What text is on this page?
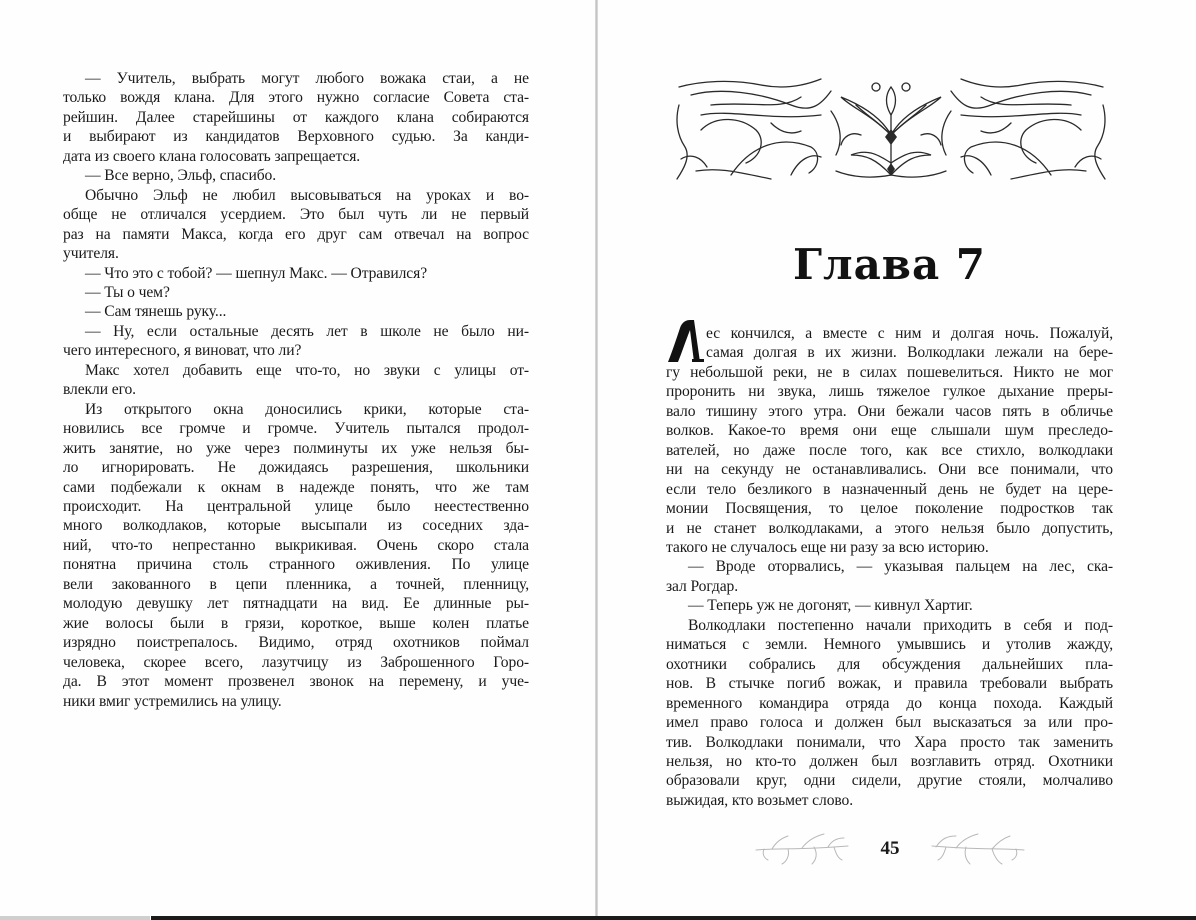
— Учитель, выбрать могут любого вожака стаи, а не
только вождя клана. Для этого нужно согласие Совета ста-
рейшин. Далее старейшины от каждого клана собираются
и выбирают из кандидатов Верховного судью. За канди-
дата из своего клана голосовать запрещается.
— Все верно, Эльф, спасибо.
Обычно Эльф не любил высовываться на уроках и во-
обще не отличался усердием. Это был чуть ли не первый
раз на памяти Макса, когда его друг сам отвечал на вопрос
учителя.
— Что это с тобой? — шепнул Макс. — Отравился?
— Ты о чем?
— Сам тянешь руку...
— Ну, если остальные десять лет в школе не было ни-
чего интересного, я виноват, что ли?
Макс хотел добавить еще что-то, но звуки с улицы от-
влекли его.
Из открытого окна доносились крики, которые ста-
новились все громче и громче. Учитель пытался продол-
жить занятие, но уже через полминуты их уже нельзя бы-
ло игнорировать. Не дожидаясь разрешения, школьники
сами подбежали к окнам в надежде понять, что же там
происходит. На центральной улице было неестественно
много волкодлаков, которые высыпали из соседних зда-
ний, что-то непрестанно выкрикивая. Очень скоро стала
понятна причина столь странного оживления. По улице
вели закованного в цепи пленника, а точней, пленницу,
молодую девушку лет пятнадцати на вид. Ее длинные ры-
жие волосы были в грязи, короткое, выше колен платье
изрядно поистрепалось. Видимо, отряд охотников поймал
человека, скорее всего, лазутчицу из Заброшенного Горо-
да. В этот момент прозвенел звонок на перемену, и уче-
ники вмиг устремились на улицу.
Глава 7
ес кончился, а вместе с ним и долгая ночь. Пожалуй,
самая долгая в их жизни. Волкодлаки лежали на бере-
гу небольшой реки, не в силах пошевелиться. Никто не мог
проронить ни звука, лишь тяжелое гулкое дыхание преры-
вало тишину этого утра. Они бежали часов пять в обличье
волков. Какое-то время они еще слышали шум преследо-
вателей, но даже после того, как все стихло, волкодлаки
ни на секунду не останавливались. Они все понимали, что
если тело безликого в назначенный день не будет на цере-
монии Посвящения, то целое поколение подростков так
и не станет волкодлаками, а этого нельзя было допустить,
такого не случалось еще ни разу за всю историю.
— Вроде оторвались, — указывая пальцем на лес, ска-
зал Рогдар.
— Теперь уж не догонят, — кивнул Хартиг.
Волкодлаки постепенно начали приходить в себя и под-
ниматься с земли. Немного умывшись и утолив жажду,
охотники собрались для обсуждения дальнейших пла-
нов. В стычке погиб вожак, и правила требовали выбрать
временного командира отряда до конца похода. Каждый
имел право голоса и должен был высказаться за или про-
тив. Волкодлаки понимали, что Хара просто так заменить
нельзя, но кто-то должен был возглавить отряд. Охотники
образовали круг, одни сидели, другие стояли, молчаливо
выжидая, кто возьмет слово.
45
